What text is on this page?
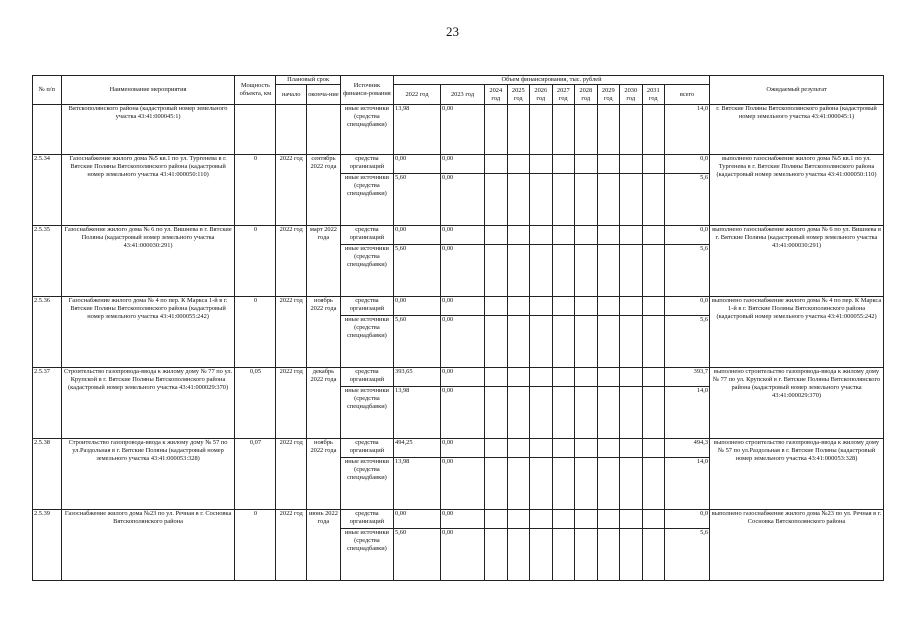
23
№ п/п	Наименование мероприятия	Мощность объекта, км	Плановый срок		Источник финанси-рования	Объем финансирования, тыс. рублей											Ожидаемый результат
			начало	оконча-ние		2022 год	2023 год	2024 год	2025 год	2026 год	2027 год	2028 год	2029 год	2030 год	2031 год	всего	
	Вятскополянского района (кадастровый номер земельного участка 43:41:000045:1)				иные источники (средства спецнадбавки)	13,98	0,00									14,0	г. Вятские Поляны Вятскополянского района (кадастровый номер земельного участка 43:41:000045:1)
2.5.34	Газоснабжение жилого дома №5 кв.1 по ул. Тургенева в г. Вятские Поляны Вятскополянского района (кадастровый номер земельного участка 43:41:000050:110)	0	2022 год	сентябрь 2022 года	средства организаций	0,00	0,00									0,0	выполнено газоснабжение жилого дома №5 кв.1 по ул. Тургенева в г. Вятские Поляны Вятскополянского района (кадастровый номер земельного участка 43:41:000050:110)
					иные источники (средства спецнадбавки)	5,60	0,00									5,6	
2.5.35	Газоснабжение жилого дома № 6 по ул. Вишнева в г. Вятские Поляны (кадастровый номер земельного участка 43:41:000030:291)	0	2022 год	март 2022 года	средства организаций	0,00	0,00									0,0	выполнено газоснабжение жилого дома № 6 по ул. Вишнева в г. Вятские Поляны (кадастровый номер земельного участка 43:41:000030:291)
					иные источники (средства спецнадбавки)	5,60	0,00									5,6	
2.5.36	Газоснабжение жилого дома № 4 по пер. К Маркса 1-й в г. Вятские Поляны Вятскополянского района (кадастровый номер земельного участка 43:41:000055:242)	0	2022 год	ноябрь 2022 года	средства организаций	0,00	0,00									0,0	выполнено газоснабжение жилого дома № 4 по пер. К Маркса 1-й в г. Вятские Поляны Вятскополянского района (кадастровый номер земельного участка 43:41:000055:242)
					иные источники (средства спецнадбавки)	5,60	0,00									5,6	
2.5.37	Строительство газопровода-ввода к жилому дому № 77 по ул. Крупской в г. Вятские Поляны Вятскополянского района (кадастровый номер земельного участка 43:41:000029:370)	0,05	2022 год	декабрь 2022 года	средства организаций	393,65	0,00									393,7	выполнено строительство газопровода-ввода к жилому дому № 77 по ул. Крупской в г. Вятские Поляны Вятскополянского района (кадастровый номер земельного участка 43:41:000029:370)
					иные источники (средства спецнадбавки)	13,98	0,00									14,0	
2.5.38	Строительство газопровода-ввода к жилому дому № 57 по ул.Раздольная в г. Вятские Поляны (кадастровый номер земельного участка 43:41:000053:328)	0,07	2022 год	ноябрь 2022 года	средства организаций	494,25	0,00									494,3	выполнено строительство газопровода-ввода к жилому дому № 57 по ул.Раздольная в г. Вятские Поляны (кадастровый номер земельного участка 43:41:000053:328)
					иные источники (средства спецнадбавки)	13,98	0,00									14,0	
2.5.39	Газоснабжение жилого дома №23 по ул. Речная в г. Сосновка Вятскополянского района	0	2022 год	июнь 2022 года	средства организаций	0,00	0,00									0,0	выполнено газоснабжение жилого дома №23 по ул. Речная в г. Сосновка Вятскополянского района
					иные источники (средства спецнадбавки)	5,60	0,00									5,6	
